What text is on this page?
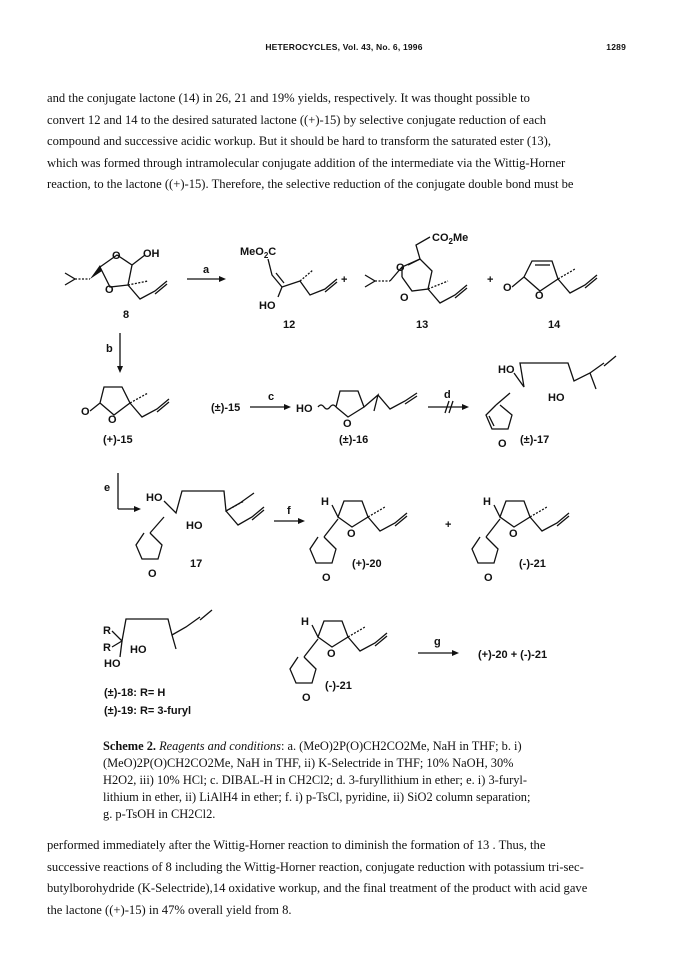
HETEROCYCLES, Vol. 43, No. 6, 1996	1289

and the conjugate lactone (14) in 26, 21 and 19% yields, respectively. It was thought possible to

convert 12 and 14 to the desired saturated lactone ((+)-15) by selective conjugate reduction of each

compound and successive acidic workup. But it should be hard to transform the saturated ester (13),

which was formed through intramolecular conjugate addition of the intermediate via the Wittig-Horner

reaction, to the lactone ((+)-15). Therefore, the selective reduction of the conjugate double bond must be

O
O
OH
8
a
MeO$_2$C
HO
12
+
$CO_2Me$
O
O
13
+
O
O
14
b
O
O
(+)-15
(±)-15
c
HO
O
(±)-16
d
HO
O
HO
(±)-17
e
HO
O
HO
17
f
H
O
O
(+)-20
+
H
O
O
(-)-21
R
R
HO
HO
(±)-18: R= H
(±)-19: R= 3-furyl
H
O
O
(-)-21
g
(+)-20 + (-)-21
Scheme 2. Reagents and conditions: a. (MeO)2P(O)CH2CO2Me, NaH in THF; b. i)
(MeO)2P(O)CH2CO2Me, NaH in THF, ii) K-Selectride in THF; 10% NaOH, 30%
H2O2, iii) 10% HCl; c. DIBAL-H in CH2Cl2; d. 3-furyllithium in ether; e. i) 3-furyl-
lithium in ether, ii) LiAlH4 in ether; f. i) p-TsCl, pyridine, ii) SiO2 column separation;
g. p-TsOH in CH2Cl2.

performed immediately after the Wittig-Horner reaction to diminish the formation of 13 . Thus, the

successive reactions of 8 including the Wittig-Horner reaction, conjugate reduction with potassium tri-sec-

butylborohydride (K-Selectride),14 oxidative workup, and the final treatment of the product with acid gave

the lactone ((+)-15) in 47% overall yield from 8.
